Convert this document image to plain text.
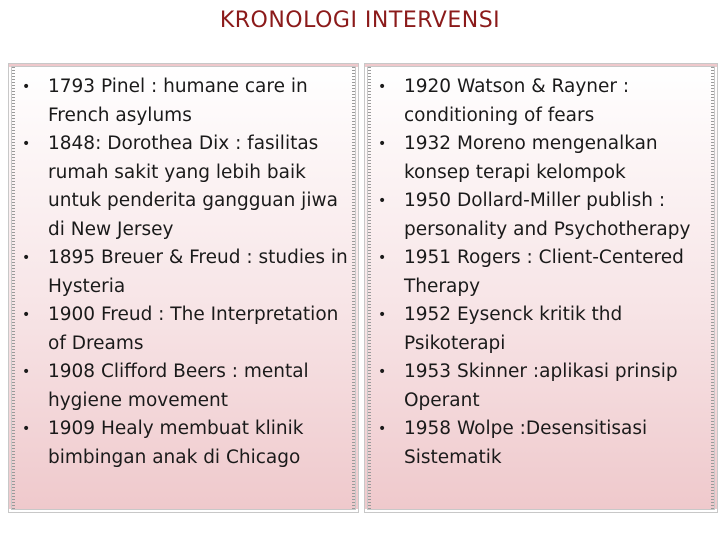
KRONOLOGI INTERVENSI
• 1793 Pinel : humane care in French asylums
• 1848: Dorothea Dix : fasilitas rumah sakit yang lebih baik untuk penderita gangguan jiwa di New Jersey
• 1895 Breuer & Freud : studies in Hysteria
• 1900 Freud : The Interpretation of Dreams
• 1908 Clifford Beers : mental hygiene movement
• 1909 Healy membuat klinik bimbingan anak di Chicago
• 1920 Watson & Rayner : conditioning of fears
• 1932 Moreno mengenalkan konsep terapi kelompok
• 1950 Dollard-Miller publish : personality and Psychotherapy
• 1951 Rogers : Client-Centered Therapy
• 1952 Eysenck kritik thd Psikoterapi
• 1953 Skinner :aplikasi prinsip Operant
• 1958 Wolpe :Desensitisasi Sistematik
